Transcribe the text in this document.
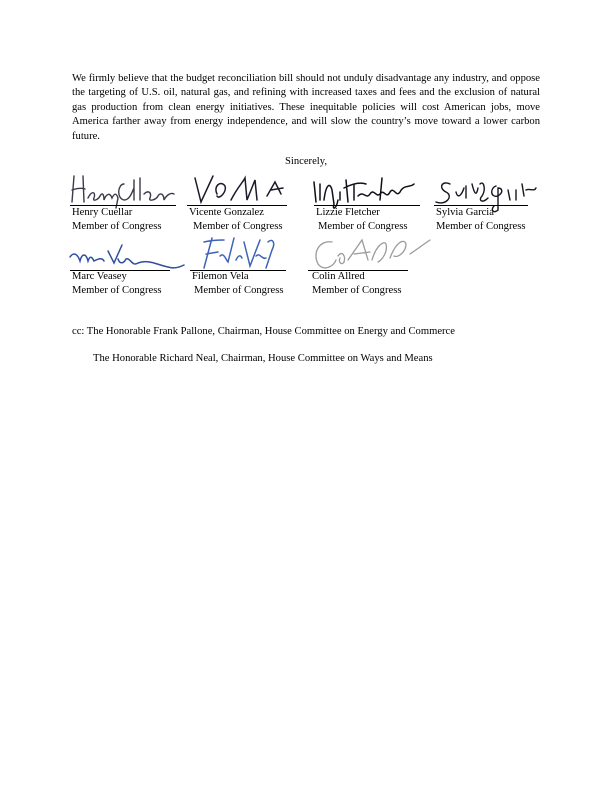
We firmly believe that the budget reconciliation bill should not unduly disadvantage any industry, and oppose the targeting of U.S. oil, natural gas, and refining with increased taxes and fees and the exclusion of natural gas production from clean energy initiatives. These inequitable policies will cost American jobs, move America farther away from energy independence, and will slow the country’s move toward a lower carbon future.

Sincerely,
Henry Cuellar
Member of Congress
Vicente Gonzalez
Member of Congress
Lizzie Fletcher
Member of Congress
Sylvia Garcia
Member of Congress
Marc Veasey
Member of Congress
Filemon Vela
Member of Congress
Colin Allred
Member of Congress
cc: The Honorable Frank Pallone, Chairman, House Committee on Energy and Commerce
The Honorable Richard Neal, Chairman, House Committee on Ways and Means
